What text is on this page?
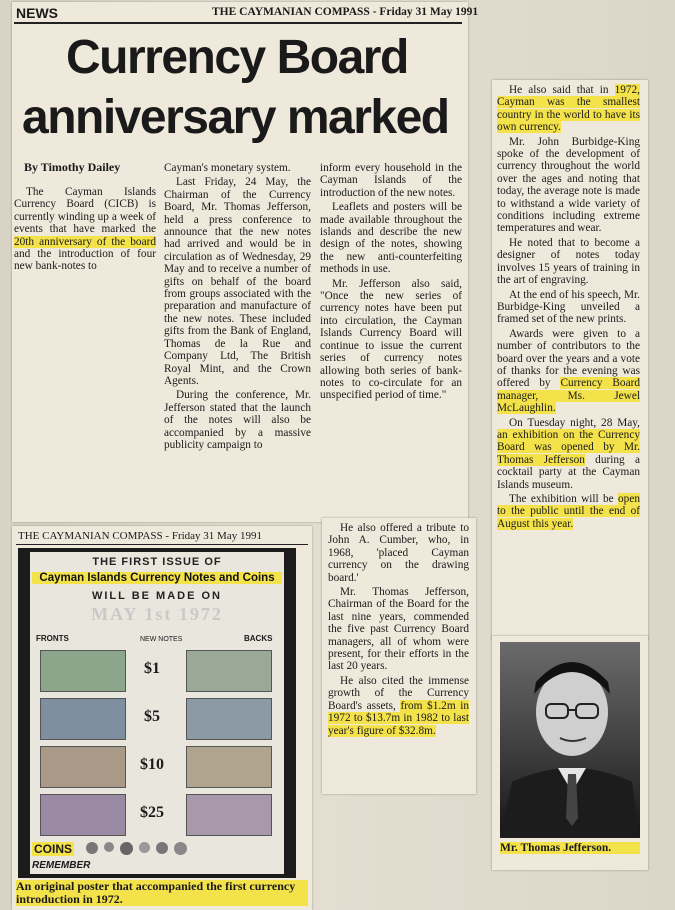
NEWS	THE CAYMANIAN COMPASS - Friday 31 May 1991
Currency Board
anniversary marked
By Timothy Dailey

The Cayman Islands Currency Board (CICB) is currently winding up a week of events that have marked the 20th anniversary of the board and the introduction of four new bank-notes to

Cayman's monetary system.

Last Friday, 24 May, the Chairman of the Currency Board, Mr. Thomas Jefferson, held a press conference to announce that the new notes had arrived and would be in circulation as of Wednesday, 29 May and to receive a number of gifts on behalf of the board from groups associated with the preparation and manufacture of the new notes. These included gifts from the Bank of England, Thomas de la Rue and Company Ltd, The British Royal Mint, and the Crown Agents.

During the conference, Mr. Jefferson stated that the launch of the notes will also be accompanied by a massive publicity campaign to

inform every household in the Cayman Islands of the introduction of the new notes.

Leaflets and posters will be made available throughout the islands and describe the new design of the notes, showing the new anti-counterfeiting methods in use.

Mr. Jefferson also said, "Once the new series of currency notes have been put into circulation, the Cayman Islands Currency Board will continue to issue the current series of currency notes allowing both series of bank-notes to co-circulate for an unspecified period of time."

He also offered a tribute to John A. Cumber, who, in 1968, 'placed Cayman currency on the drawing board.'

Mr. Thomas Jefferson, Chairman of the Board for the last nine years, commended the five past Currency Board managers, all of whom were present, for their efforts in the last 20 years.

He also cited the immense growth of the Currency Board's assets, from $1.2m in 1972 to $13.7m in 1982 to last year's figure of $32.8m.

He also said that in 1972, Cayman was the smallest country in the world to have its own currency.

Mr. John Burbidge-King spoke of the development of currency throughout the world over the ages and noting that today, the average note is made to withstand a wide variety of conditions including extreme temperatures and wear.

He noted that to become a designer of notes today involves 15 years of training in the art of engraving.

At the end of his speech, Mr. Burbidge-King unveiled a framed set of the new prints.

Awards were given to a number of contributors to the board over the years and a vote of thanks for the evening was offered by Currency Board manager, Ms. Jewel McLaughlin.

On Tuesday night, 28 May, an exhibition on the Currency Board was opened by Mr. Thomas Jefferson during a cocktail party at the Cayman Islands museum.

The exhibition will be open to the public until the end of August this year.

Mr. Thomas Jefferson.
THE CAYMANIAN COMPASS - Friday 31 May 1991
THE FIRST ISSUE OF
Cayman Islands Currency Notes and Coins
WILL BE MADE ON
MAY 1st 1972
FRONTS	NEW NOTES	BACKS
$1
$5
$10
$25
COINS
REMEMBER
An original poster that accompanied the first currency introduction in 1972.
